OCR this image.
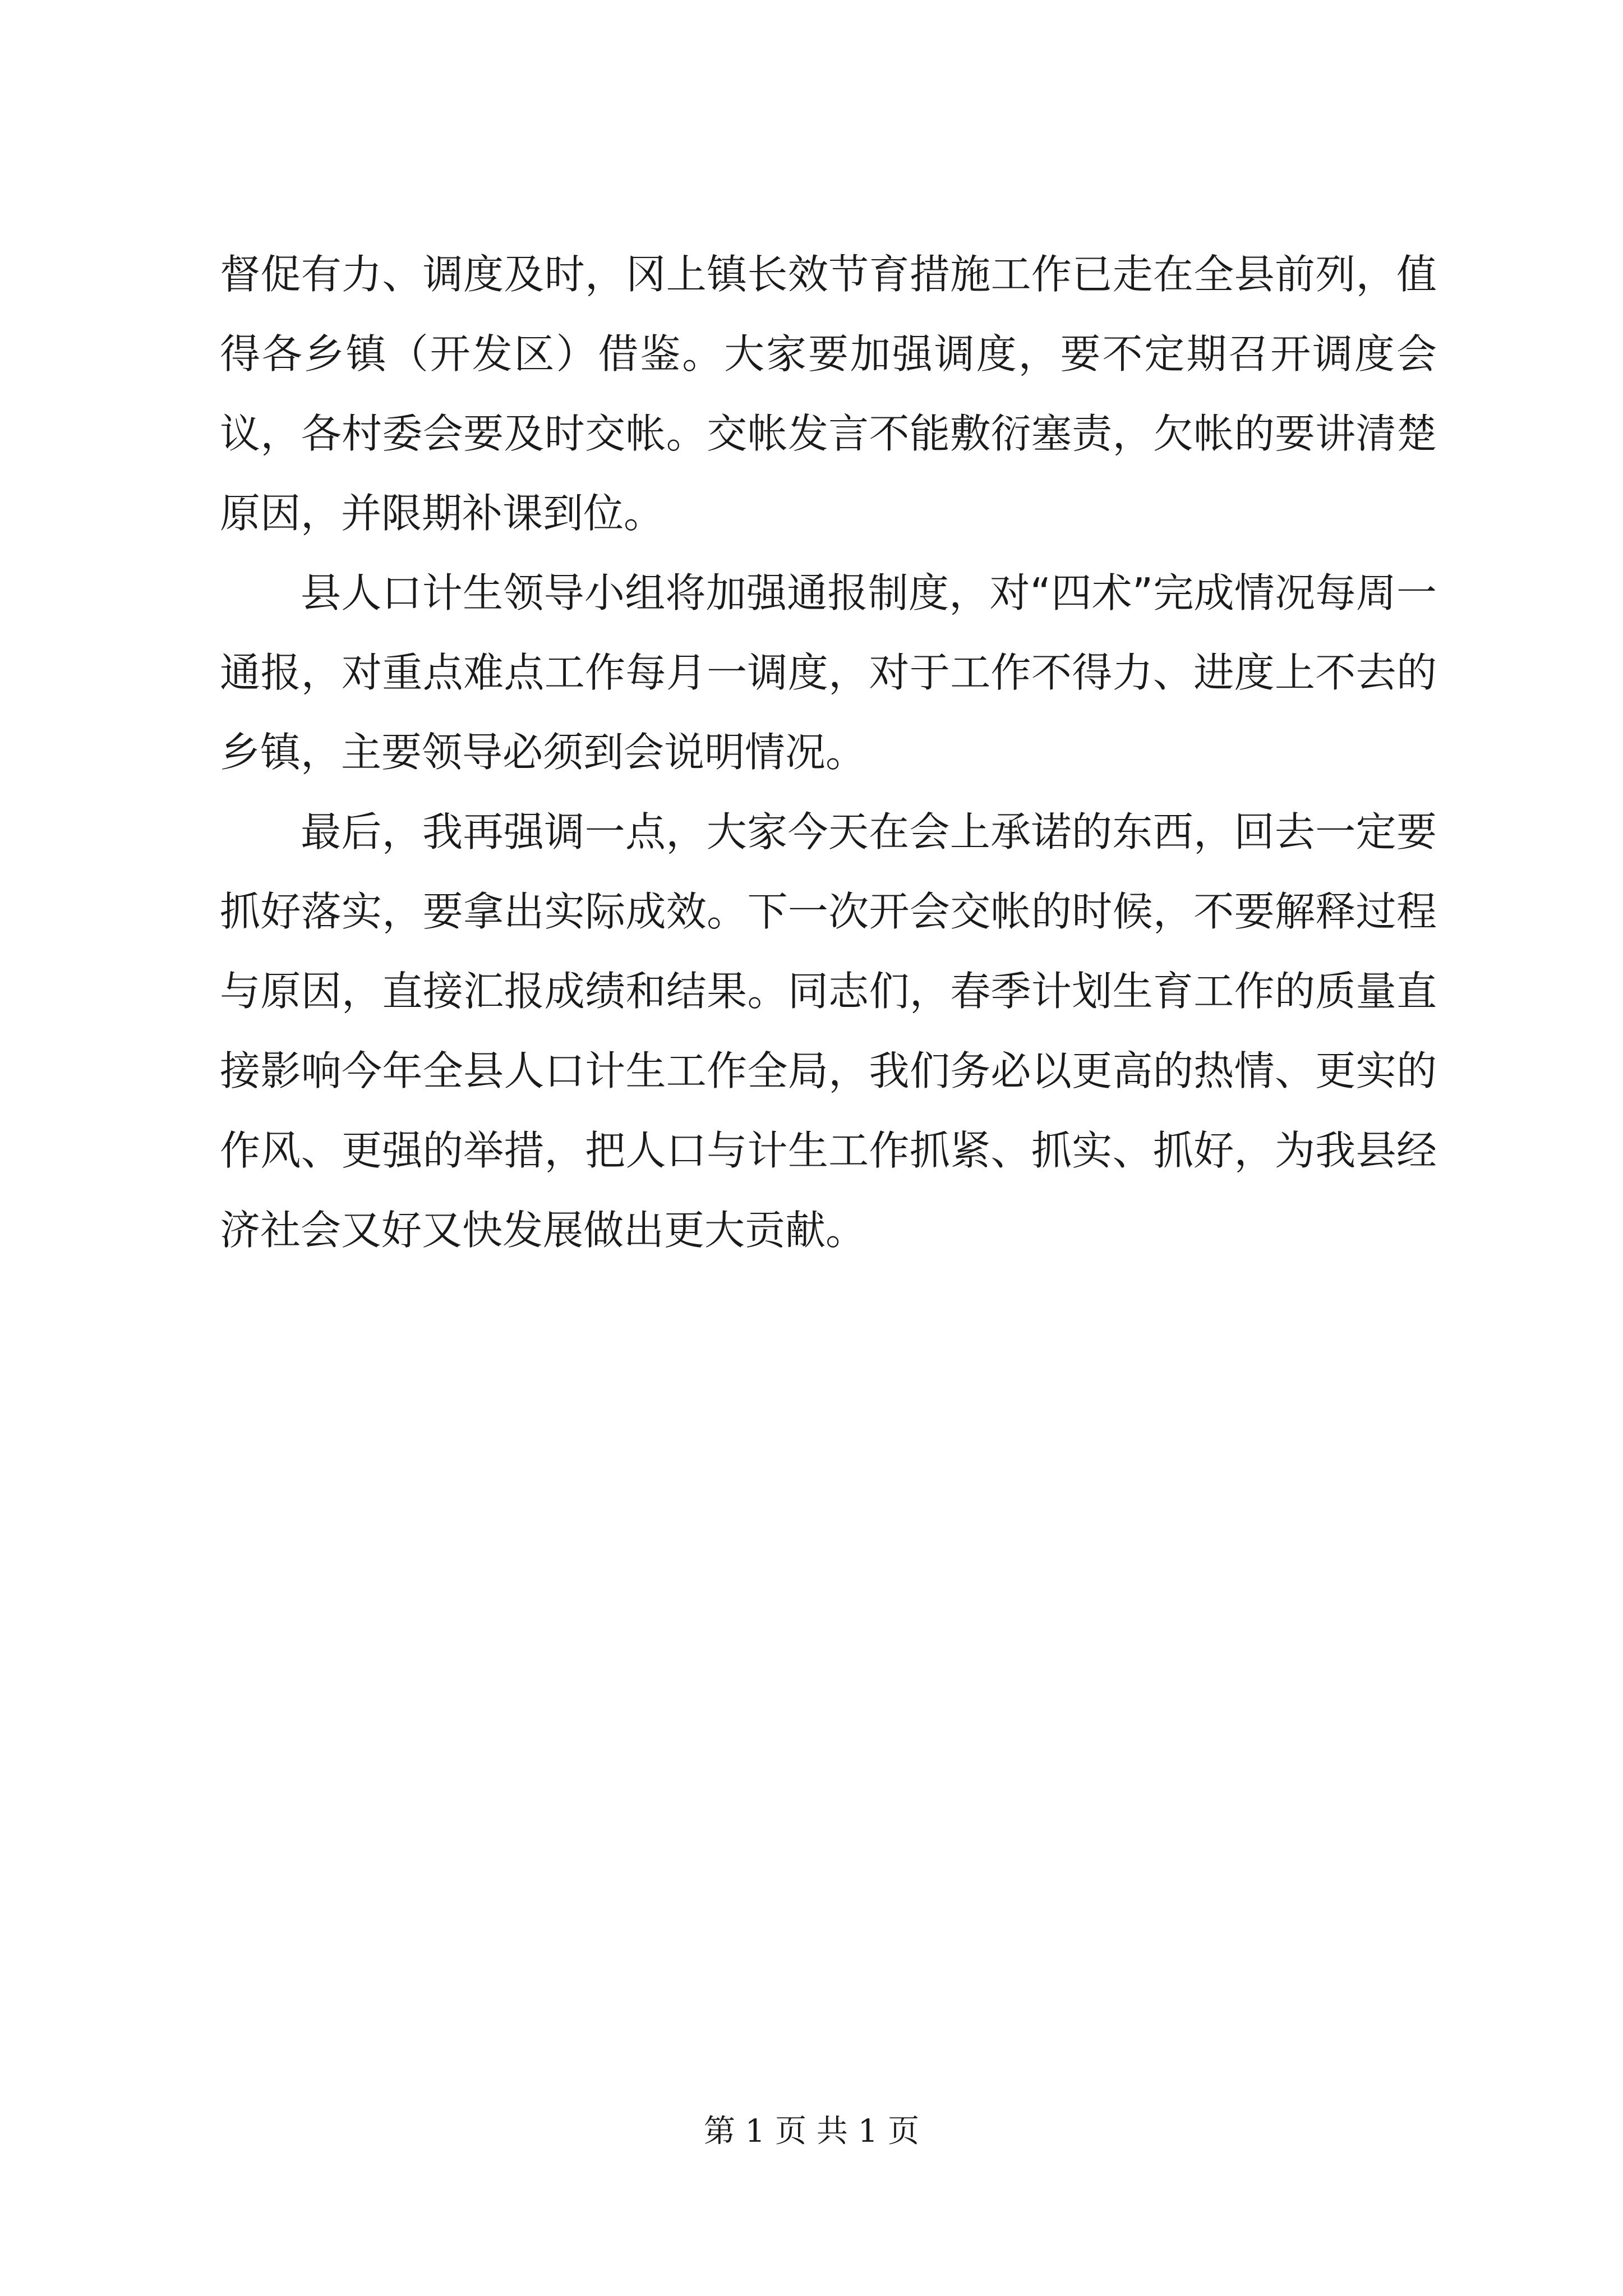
督促有力、调度及时，冈上镇长效节育措施工作已走在全县前列，值得各乡镇（开发区）借鉴。大家要加强调度，要不定期召开调度会议，各村委会要及时交帐。交帐发言不能敷衍塞责，欠帐的要讲清楚原因，并限期补课到位。

县人口计生领导小组将加强通报制度，对“四术”完成情况每周一通报，对重点难点工作每月一调度，对于工作不得力、进度上不去的乡镇，主要领导必须到会说明情况。

最后，我再强调一点，大家今天在会上承诺的东西，回去一定要抓好落实，要拿出实际成效。下一次开会交帐的时候，不要解释过程与原因，直接汇报成绩和结果。同志们，春季计划生育工作的质量直接影响今年全县人口计生工作全局，我们务必以更高的热情、更实的作风、更强的举措，把人口与计生工作抓紧、抓实、抓好，为我县经济社会又好又快发展做出更大贡献。

第 1 页 共 1 页
